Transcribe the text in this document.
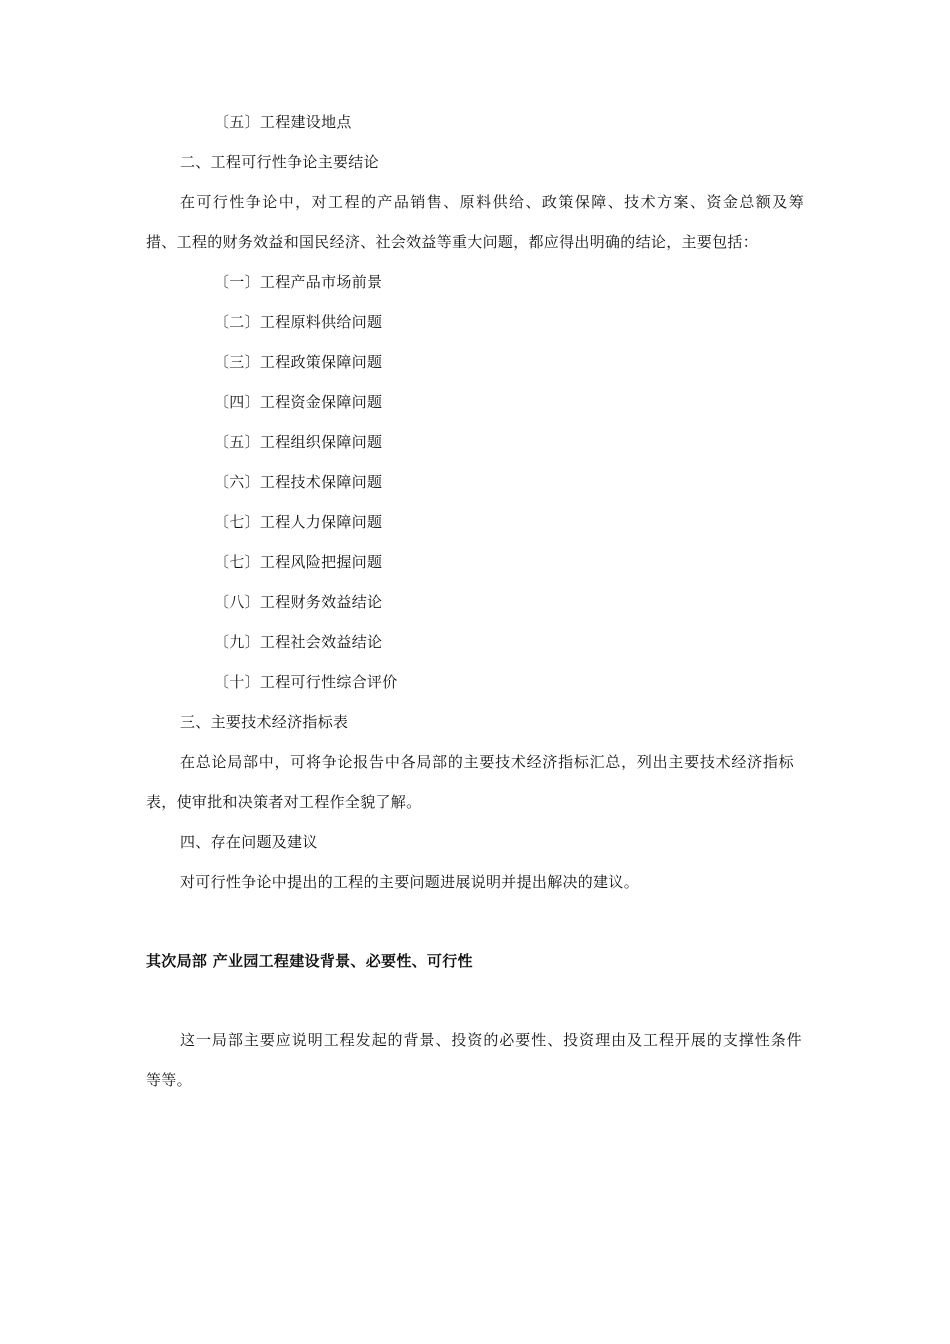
〔五〕工程建设地点
二、工程可行性争论主要结论
在可行性争论中，对工程的产品销售、原料供给、政策保障、技术方案、资金总额及筹
措、工程的财务效益和国民经济、社会效益等重大问题，都应得出明确的结论，主要包括：
〔一〕工程产品市场前景
〔二〕工程原料供给问题
〔三〕工程政策保障问题
〔四〕工程资金保障问题
〔五〕工程组织保障问题
〔六〕工程技术保障问题
〔七〕工程人力保障问题
〔七〕工程风险把握问题
〔八〕工程财务效益结论
〔九〕工程社会效益结论
〔十〕工程可行性综合评价
三、主要技术经济指标表
在总论局部中，可将争论报告中各局部的主要技术经济指标汇总，列出主要技术经济指标
表，使审批和决策者对工程作全貌了解。
四、存在问题及建议
对可行性争论中提出的工程的主要问题进展说明并提出解决的建议。
其次局部 产业园工程建设背景、必要性、可行性
这一局部主要应说明工程发起的背景、投资的必要性、投资理由及工程开展的支撑性条件
等等。
